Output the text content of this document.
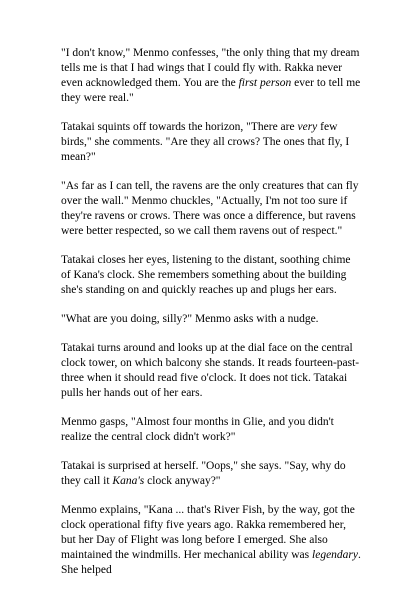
"I don't know," Menmo confesses, "the only thing that my dream tells me is that I had wings that I could fly with. Rakka never even acknowledged them. You are the first person ever to tell me they were real."

Tatakai squints off towards the horizon, "There are very few birds," she comments. "Are they all crows? The ones that fly, I mean?"

"As far as I can tell, the ravens are the only creatures that can fly over the wall." Menmo chuckles, "Actually, I'm not too sure if they're ravens or crows. There was once a difference, but ravens were better respected, so we call them ravens out of respect."

Tatakai closes her eyes, listening to the distant, soothing chime of Kana's clock. She remembers something about the building she's standing on and quickly reaches up and plugs her ears.

"What are you doing, silly?" Menmo asks with a nudge.

Tatakai turns around and looks up at the dial face on the central clock tower, on which balcony she stands. It reads fourteen-past-three when it should read five o'clock. It does not tick. Tatakai pulls her hands out of her ears.

Menmo gasps, "Almost four months in Glie, and you didn't realize the central clock didn't work?"

Tatakai is surprised at herself. "Oops," she says. "Say, why do they call it Kana's clock anyway?"

Menmo explains, "Kana ... that's River Fish, by the way, got the clock operational fifty five years ago. Rakka remembered her, but her Day of Flight was long before I emerged. She also maintained the windmills. Her mechanical ability was legendary. She helped
